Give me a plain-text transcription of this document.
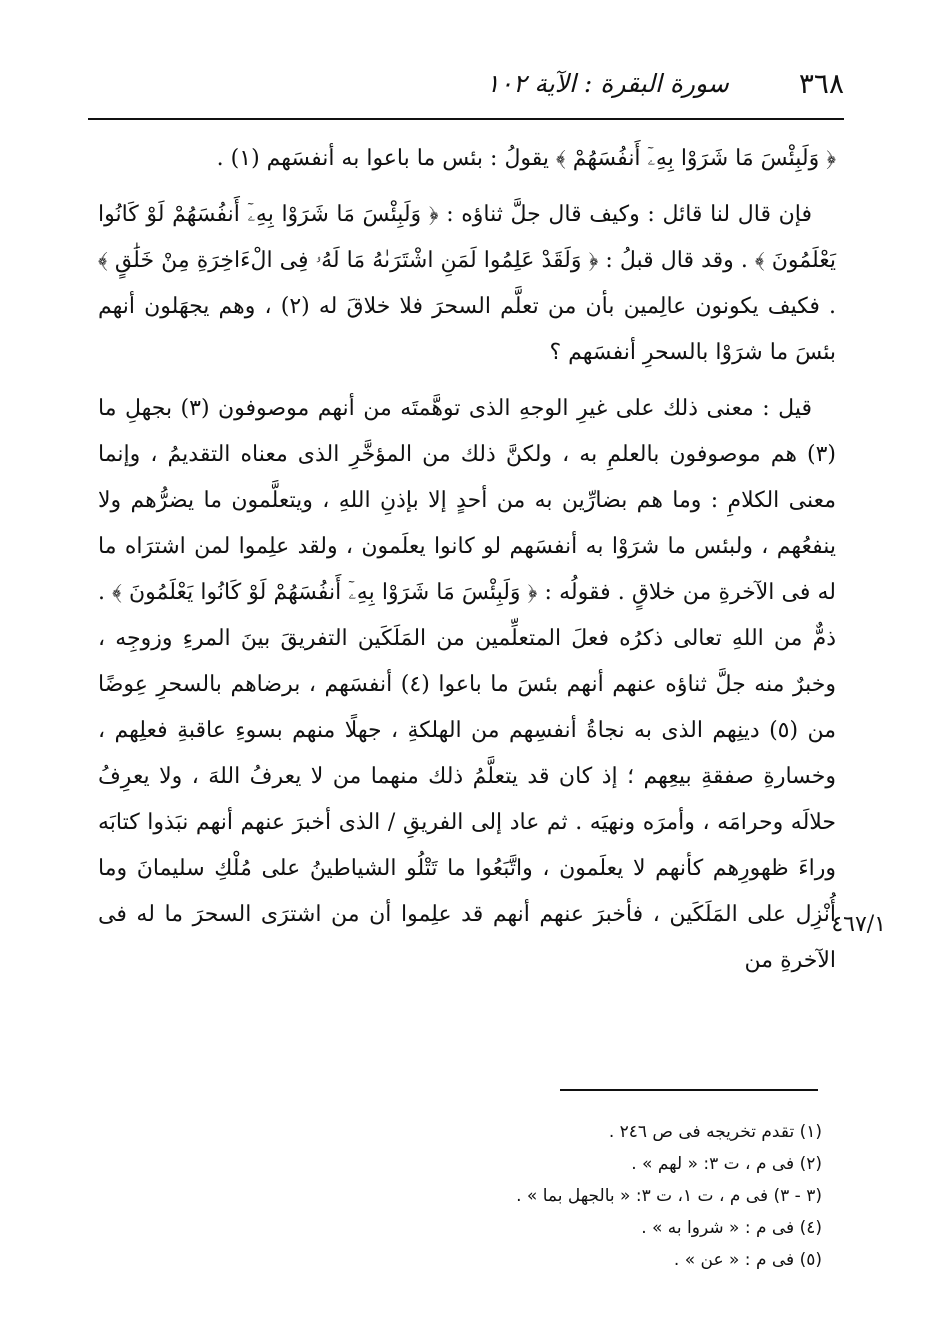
٣٦٨
سورة البقرة : الآية ١٠٢

﴿ وَلَبِئْسَ مَا شَرَوْا بِهِۦٓ أَنفُسَهُمْ ﴾ يقولُ : بئس ما باعوا به أنفسَهم (١) .

فإن قال لنا قائل : وكيف قال جلَّ ثناؤه : ﴿ وَلَبِئْسَ مَا شَرَوْا بِهِۦٓ أَنفُسَهُمْ لَوْ كَانُوا يَعْلَمُونَ ﴾ . وقد قال قبلُ : ﴿ وَلَقَدْ عَلِمُوا لَمَنِ اشْتَرَىٰهُ مَا لَهُۥ فِى الْءَاخِرَةِ مِنْ خَلَٰقٍ ﴾ . فكيف يكونون عالِمين بأن من تعلَّم السحرَ فلا خلاقَ له (٢) ، وهم يجهَلون أنهم بئسَ ما شرَوْا بالسحرِ أنفسَهم ؟

قيل : معنى ذلك على غيرِ الوجهِ الذى توهَّمتَه من أنهم موصوفون (٣) بجهلِ ما (٣) هم موصوفون بالعلمِ به ، ولكنَّ ذلك من المؤخَّرِ الذى معناه التقديمُ ، وإنما معنى الكلامِ : وما هم بضارِّين به من أحدٍ إلا بإذنِ اللهِ ، ويتعلَّمون ما يضرُّهم ولا ينفعُهم ، ولبئس ما شرَوْا به أنفسَهم لو كانوا يعلَمون ، ولقد علِموا لمن اشترَاه ما له فى الآخرةِ من خلاقٍ . فقولُه : ﴿ وَلَبِئْسَ مَا شَرَوْا بِهِۦٓ أَنفُسَهُمْ لَوْ كَانُوا يَعْلَمُونَ ﴾ . ذمٌّ من اللهِ تعالى ذكرُه فعلَ المتعلِّمين من المَلَكَين التفريقَ بينَ المرءِ وزوجِه ، وخبرٌ منه جلَّ ثناؤه عنهم أنهم بئسَ ما باعوا (٤) أنفسَهم ، برضاهم بالسحرِ عِوضًا من (٥) دينِهم الذى به نجاةُ أنفسِهم من الهلكةِ ، جهلًا منهم بسوءِ عاقبةِ فعلِهم ، وخسارةِ صفقةِ بيعِهم ؛ إذ كان قد يتعلَّمُ ذلك منهما من لا يعرفُ اللهَ ، ولا يعرِفُ حلالَه وحرامَه ، وأمرَه ونهيَه . ثم عاد إلى الفريقِ / الذى أخبرَ عنهم أنهم نبَذوا كتابَه وراءَ ظهورِهم كأنهم لا يعلَمون ، واتَّبَعُوا ما تَتْلُو الشياطينُ على مُلْكِ سليمانَ وما أُنْزِل على المَلَكَين ، فأخبرَ عنهم أنهم قد علِموا أن من اشترَى السحرَ ما له فى الآخرةِ من

٤٦٧/١

(١) تقدم تخريجه فى ص ٢٤٦ .

(٢) فى م ، ت ٣: « لهم » .

(٣ - ٣) فى م ، ت ١، ت ٣: « بالجهل بما » .

(٤) فى م : « شروا به » .

(٥) فى م : « عن » .
